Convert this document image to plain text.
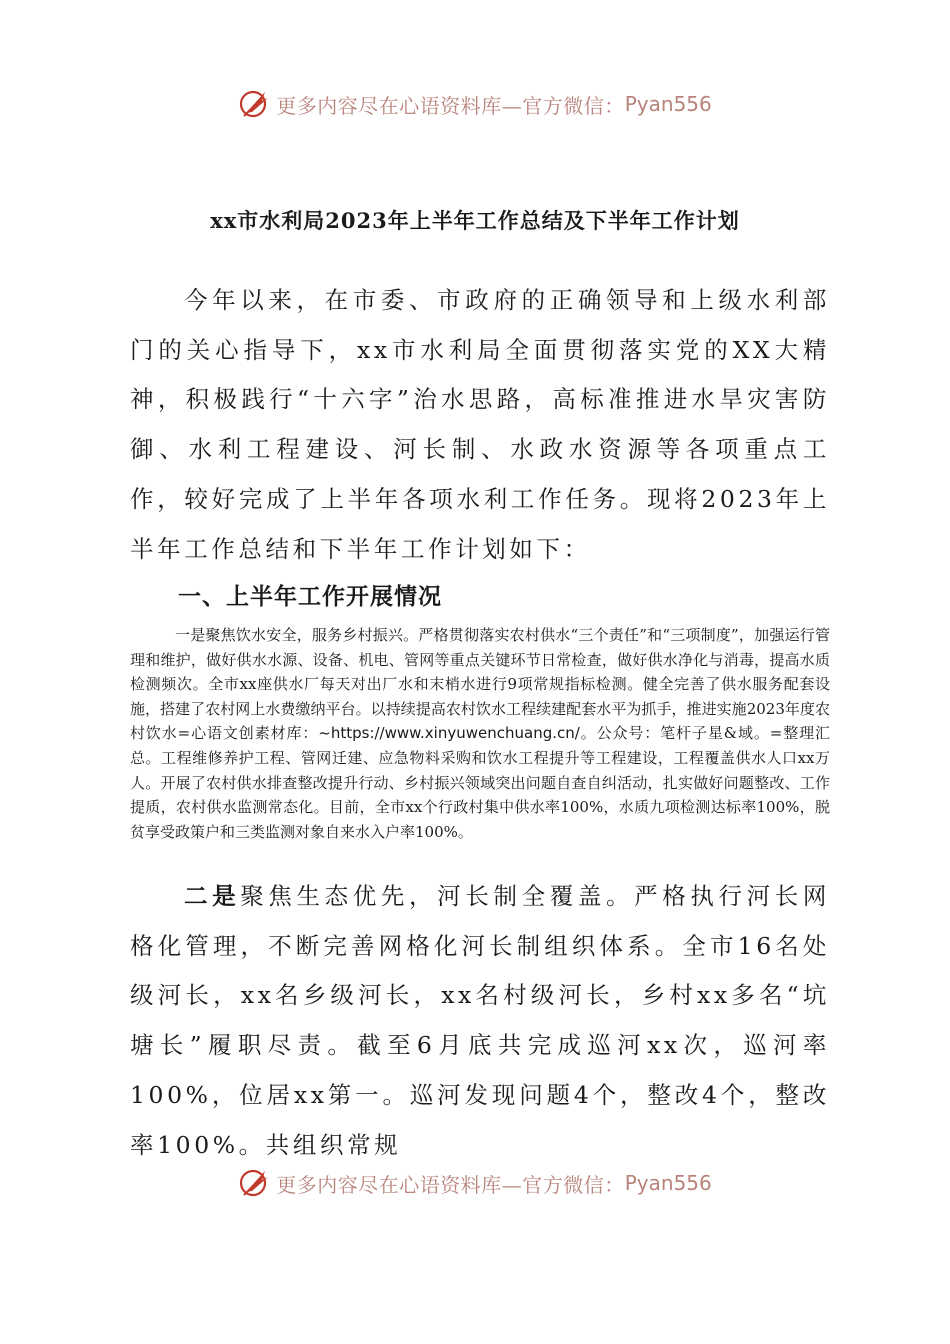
更多内容尽在心语资料库—官方微信： Pyan556
xx市水利局2023年上半年工作总结及下半年工作计划

今年以来，在市委、市政府的正确领导和上级水利部门的关心指导下，xx市水利局全面贯彻落实党的XX大精神，积极践行“十六字”治水思路，高标准推进水旱灾害防御、水利工程建设、河长制、水政水资源等各项重点工作，较好完成了上半年各项水利工作任务。现将2023年上半年工作总结和下半年工作计划如下：

一、上半年工作开展情况

一是聚焦饮水安全，服务乡村振兴。严格贯彻落实农村供水“三个责任”和“三项制度”，加强运行管理和维护，做好供水水源、设备、机电、管网等重点关键环节日常检查，做好供水净化与消毒，提高水质检测频次。全市xx座供水厂每天对出厂水和末梢水进行9项常规指标检测。健全完善了供水服务配套设施，搭建了农村网上水费缴纳平台。以持续提高农村饮水工程续建配套水平为抓手，推进实施2023年度农村饮水=心语文创素材库：~https://www.xinyuwenchuang.cn/。公众号：笔杆子星&域。=整理汇总。工程维修养护工程、管网迁建、应急物料采购和饮水工程提升等工程建设，工程覆盖供水人口xx万人。开展了农村供水排查整改提升行动、乡村振兴领域突出问题自查自纠活动，扎实做好问题整改、工作提质，农村供水监测常态化。目前，全市xx个行政村集中供水率100%，水质九项检测达标率100%，脱贫享受政策户和三类监测对象自来水入户率100%。

二是聚焦生态优先，河长制全覆盖。严格执行河长网格化管理，不断完善网格化河长制组织体系。全市16名处级河长，xx名乡级河长，xx名村级河长，乡村xx多名“坑塘长”履职尽责。截至6月底共完成巡河xx次，巡河率100%，位居xx第一。巡河发现问题4个，整改4个，整改率100%。共组织常规

更多内容尽在心语资料库—官方微信： Pyan556
